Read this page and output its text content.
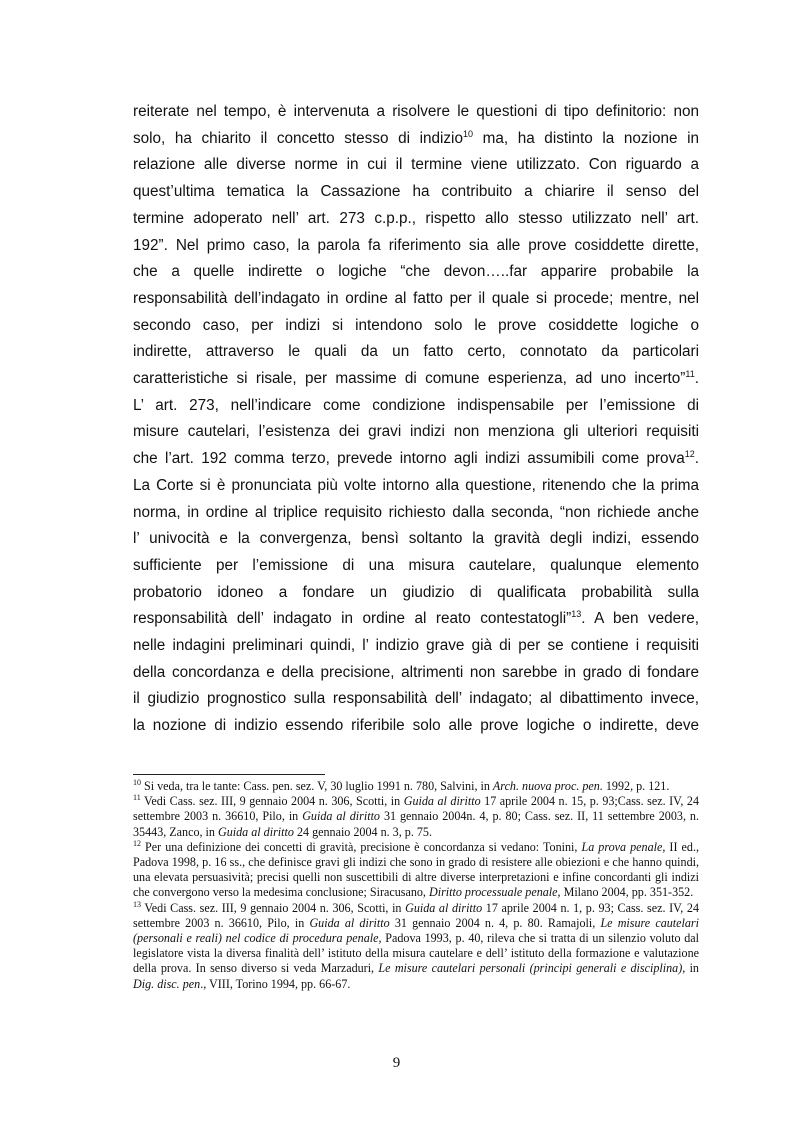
reiterate nel tempo, è intervenuta a risolvere le questioni di tipo definitorio: non
solo, ha chiarito il concetto stesso di indizio$^{10}$ ma, ha distinto la nozione in
relazione alle diverse norme in cui il termine viene utilizzato. Con riguardo a
quest’ultima tematica la Cassazione ha contribuito a chiarire il senso del
termine adoperato nell’ art. 273 c.p.p., rispetto allo stesso utilizzato nell’ art.
192”. Nel primo caso, la parola fa riferimento sia alle prove cosiddette dirette,
che a quelle indirette o logiche “che devon…..far apparire probabile la
responsabilità dell’indagato in ordine al fatto per il quale si procede; mentre, nel
secondo caso, per indizi si intendono solo le prove cosiddette logiche o
indirette, attraverso le quali da un fatto certo, connotato da particolari
caratteristiche si risale, per massime di comune esperienza, ad uno incerto”$^{11}$.
L’ art. 273, nell’indicare come condizione indispensabile per l’emissione di
misure cautelari, l’esistenza dei gravi indizi non menziona gli ulteriori requisiti
che l’art. 192 comma terzo, prevede intorno agli indizi assumibili come prova$^{12}$.
La Corte si è pronunciata più volte intorno alla questione, ritenendo che la prima
norma, in ordine al triplice requisito richiesto dalla seconda, “non richiede anche
l’ univocità e la convergenza, bensì soltanto la gravità degli indizi, essendo
sufficiente per l’emissione di una misura cautelare, qualunque elemento
probatorio idoneo a fondare un giudizio di qualificata probabilità sulla
responsabilità dell’ indagato in ordine al reato contestatogli”$^{13}$. A ben vedere,
nelle indagini preliminari quindi, l’ indizio grave già di per se contiene i requisiti
della concordanza e della precisione, altrimenti non sarebbe in grado di fondare
il giudizio prognostico sulla responsabilità dell’ indagato; al dibattimento invece,
la nozione di indizio essendo riferibile solo alle prove logiche o indirette, deve

$^{10}$ Si veda, tra le tante: Cass. pen. sez. V, 30 luglio 1991 n. 780, Salvini, in Arch. nuova proc. pen. 1992, p. 121.

$^{11}$ Vedi Cass. sez. III, 9 gennaio 2004 n. 306, Scotti, in Guida al diritto 17 aprile 2004 n. 15, p. 93;Cass. sez. IV, 24 settembre 2003 n. 36610, Pilo, in Guida al diritto 31 gennaio 2004n. 4, p. 80; Cass. sez. II, 11 settembre 2003, n. 35443, Zanco, in Guida al diritto 24 gennaio 2004 n. 3, p. 75.

$^{12}$ Per una definizione dei concetti di gravità, precisione è concordanza si vedano: Tonini, La prova penale, II ed., Padova 1998, p. 16 ss., che definisce gravi gli indizi che sono in grado di resistere alle obiezioni e che hanno quindi, una elevata persuasività; precisi quelli non suscettibili di altre diverse interpretazioni e infine concordanti gli indizi che convergono verso la medesima conclusione; Siracusano, Diritto processuale penale, Milano 2004, pp. 351-352.

$^{13}$ Vedi Cass. sez. III, 9 gennaio 2004 n. 306, Scotti, in Guida al diritto 17 aprile 2004 n. 1, p. 93; Cass. sez. IV, 24 settembre 2003 n. 36610, Pilo, in Guida al diritto 31 gennaio 2004 n. 4, p. 80. Ramajoli, Le misure cautelari (personali e reali) nel codice di procedura penale, Padova 1993, p. 40, rileva che si tratta di un silenzio voluto dal legislatore vista la diversa finalità dell’ istituto della misura cautelare e dell’ istituto della formazione e valutazione della prova. In senso diverso si veda Marzaduri, Le misure cautelari personali (principi generali e disciplina), in Dig. disc. pen., VIII, Torino 1994, pp. 66-67.

9
